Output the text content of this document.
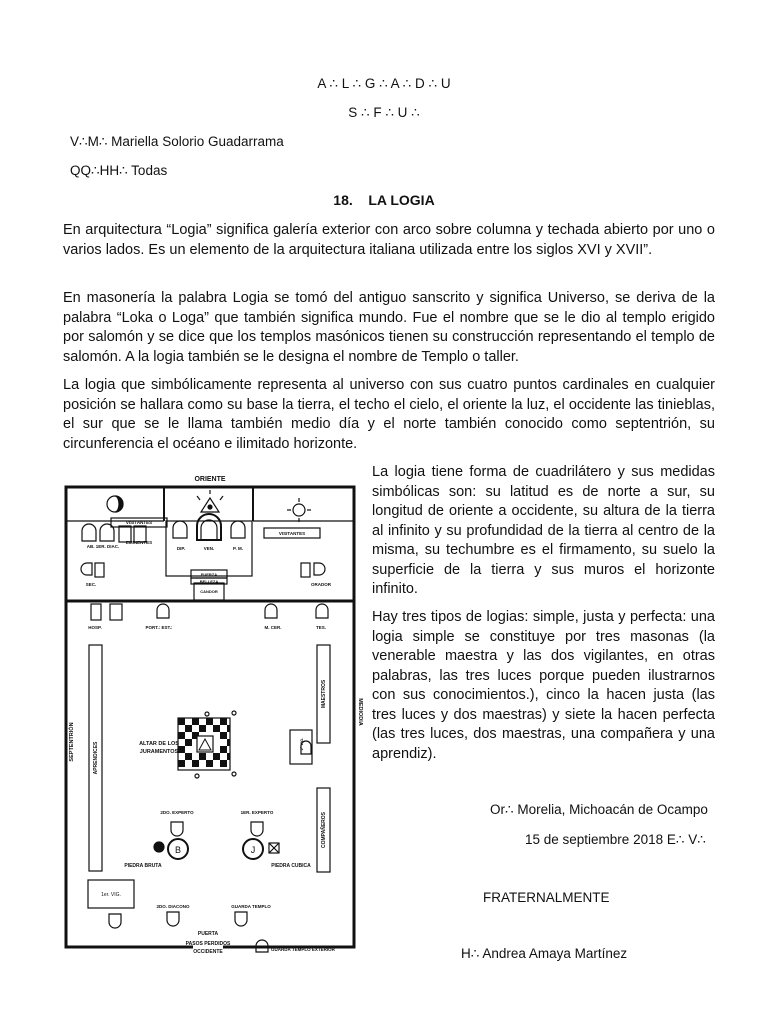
A ∴ L ∴ G ∴ A ∴ D ∴ U
S ∴ F ∴ U ∴
V∴M∴ Mariella Solorio Guadarrama
QQ∴HH∴ Todas
18.    LA LOGIA
En arquitectura “Logia” significa galería exterior con arco sobre columna y techada abierto por uno o varios lados. Es un elemento de la arquitectura italiana utilizada entre los siglos XVI y XVII”.
En masonería la palabra Logia se tomó del antiguo sanscrito y significa Universo, se deriva de la palabra “Loka o Loga” que también significa mundo. Fue el nombre que se le dio al templo erigido por salomón y se dice que los templos masónicos tienen su construcción representando el templo de salomón. A la logia también se le designa el nombre de Templo o taller.
La logia que simbólicamente representa al universo con sus cuatro puntos cardinales en cualquier posición se hallara como su base la tierra, el techo el cielo, el oriente la luz, el occidente las tinieblas, el sur que se le llama también medio día y el norte también conocido como septentrión, su circunferencia el océano e ilimitado horizonte.
La logia tiene forma de cuadrilátero y sus medidas simbólicas son: su latitud es de norte a sur, su longitud de oriente a occidente, su altura de la tierra al infinito y su profundidad de la tierra al centro de la misma, su techumbre es el firmamento, su suelo la superficie de la tierra y sus muros el horizonte infinito.
Hay tres tipos de logias: simple, justa y perfecta: una logia simple se constituye por tres masonas (la venerable maestra y las dos vigilantes, en otras palabras, las tres luces porque pueden ilustrarnos con sus conocimientos.), cinco la hacen justa (las tres luces y dos maestras) y siete la hacen perfecta (las tres luces, dos maestras, una compañera y una aprendiz).
Or∴ Morelia, Michoacán de Ocampo
15 de septiembre 2018 E∴ V∴
FRATERNALMENTE
H∴ Andrea Amaya Martínez
ORIENTE
VISITANTES
EMINENTES
AB. 1ER. DIAC.	DIP.	VEN.	P. M.
VISITANTES
SEC.	ORADOR
FUERZA
BELLEZA
CANDOR
HOSP.	PORT.: EST.:	M. CER.	TES.
SEPTENTRIÓN
MEDIODÍA
APRENDICES
MAESTROS
COMPAÑEROS
ALTAR DE LOS
JURAMENTOS
2º VIG.
2DO. EXPERTO	1ER. EXPERTO
B	J
PIEDRA BRUTA	PIEDRA CUBICA
1er. VIG.
2DO. DIACONO	GUARDA TEMPLO
PUERTA
PASOS PERDIDOS
OCCIDENTE	GUARDA TEMPLO EXTERIOR
